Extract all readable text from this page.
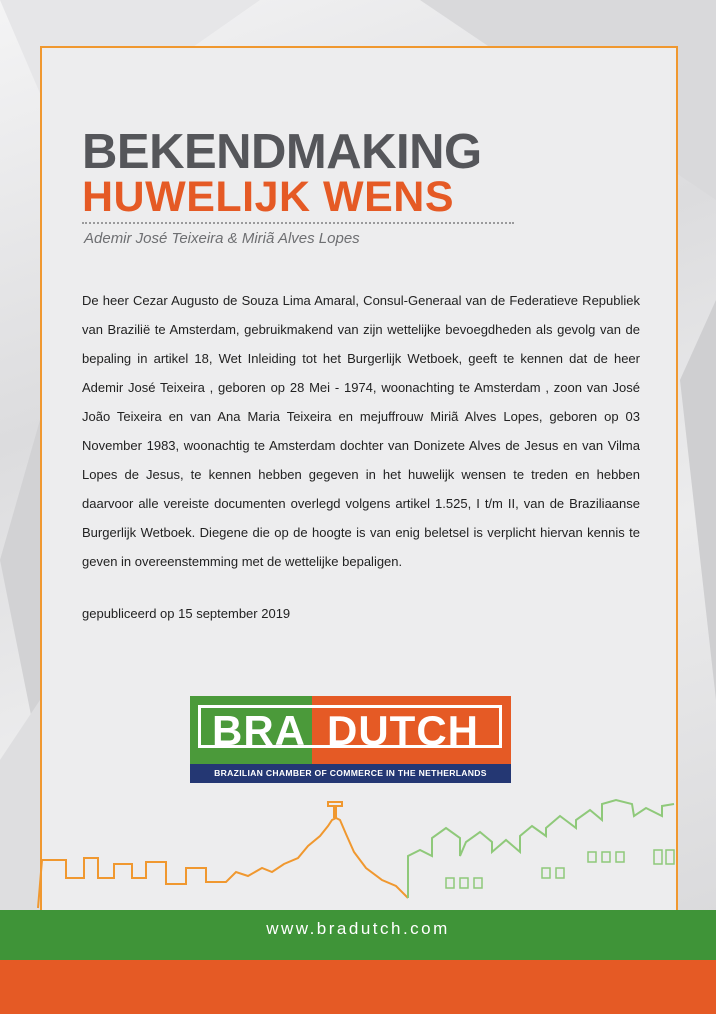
BEKENDMAKING
HUWELIJK WENS
Ademir José Teixeira & Miriã Alves Lopes

De heer Cezar Augusto de Souza Lima Amaral, Consul-Generaal van de Federatieve Republiek van Brazilië te Amsterdam, gebruikmakend van zijn wettelijke bevoegdheden als gevolg van de bepaling in artikel 18, Wet Inleiding tot het Burgerlijk Wetboek, geeft te kennen dat de heer Ademir José Teixeira , geboren op 28 Mei - 1974, woonachting te Amsterdam , zoon van José João Teixeira en van Ana Maria Teixeira en mejuffrouw Miriã Alves Lopes, geboren op 03 November 1983, woonachtig te Amsterdam dochter van Donizete Alves de Jesus en van Vilma Lopes de Jesus, te kennen hebben gegeven in het huwelijk wensen te treden en hebben daarvoor alle vereiste documenten overlegd volgens artikel 1.525, I t/m II, van de Braziliaanse Burgerlijk Wetboek. Diegene die op de hoogte is van enig beletsel is verplicht hiervan kennis te geven in overeenstemming met de wettelijke bepaligen.

gepubliceerd op 15 september 2019

BRA DUTCH
BRAZILIAN CHAMBER OF COMMERCE IN THE NETHERLANDS
www.bradutch.com
